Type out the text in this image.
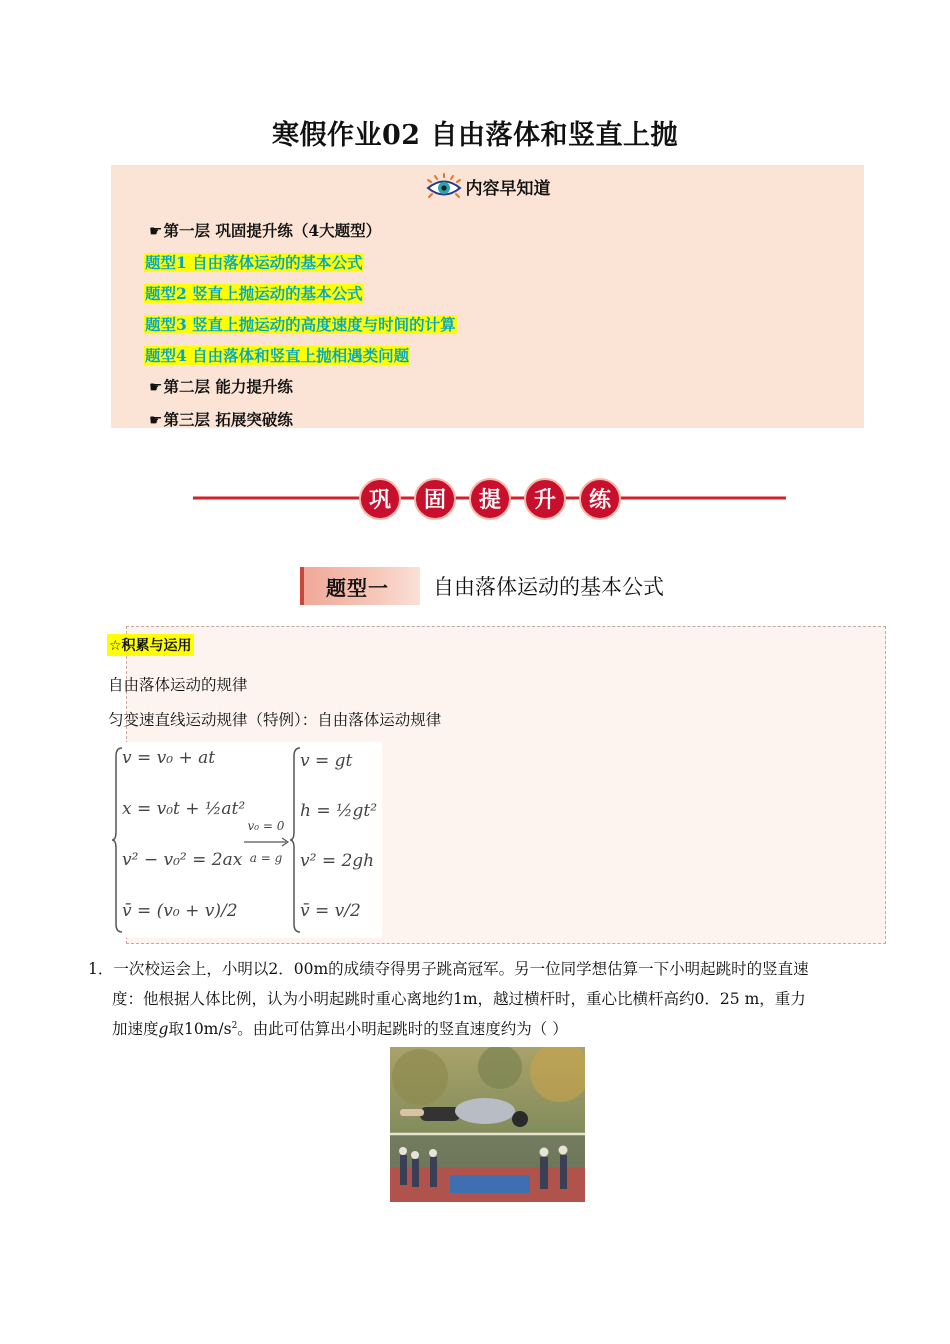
寒假作业02 自由落体和竖直上抛
内容早知道
☛第一层 巩固提升练（4大题型）
题型1 自由落体运动的基本公式
题型2 竖直上抛运动的基本公式
题型3 竖直上抛运动的高度速度与时间的计算
题型4 自由落体和竖直上抛相遇类问题
☛第二层 能力提升练
☛第三层 拓展突破练
巩 固 提 升 练
题型一	自由落体运动的基本公式
☆积累与运用
自由落体运动的规律
匀变速直线运动规律（特例）：自由落体运动规律
v = v₀ + at
x = v₀t + ½at²
v² − v₀² = 2ax
v̄ = (v₀ + v)/2
v₀ = 0
a = g
v = gt
h = ½gt²
v² = 2gh
v̄ = v/2
1．一次校运会上，小明以2．00m的成绩夺得男子跳高冠军。另一位同学想估算一下小明起跳时的竖直速
度：他根据人体比例，认为小明起跳时重心离地约1m，越过横杆时，重心比横杆高约0．25 m，重力
加速度g取$10m/s^2$。由此可估算出小明起跳时的竖直速度约为（ ）
